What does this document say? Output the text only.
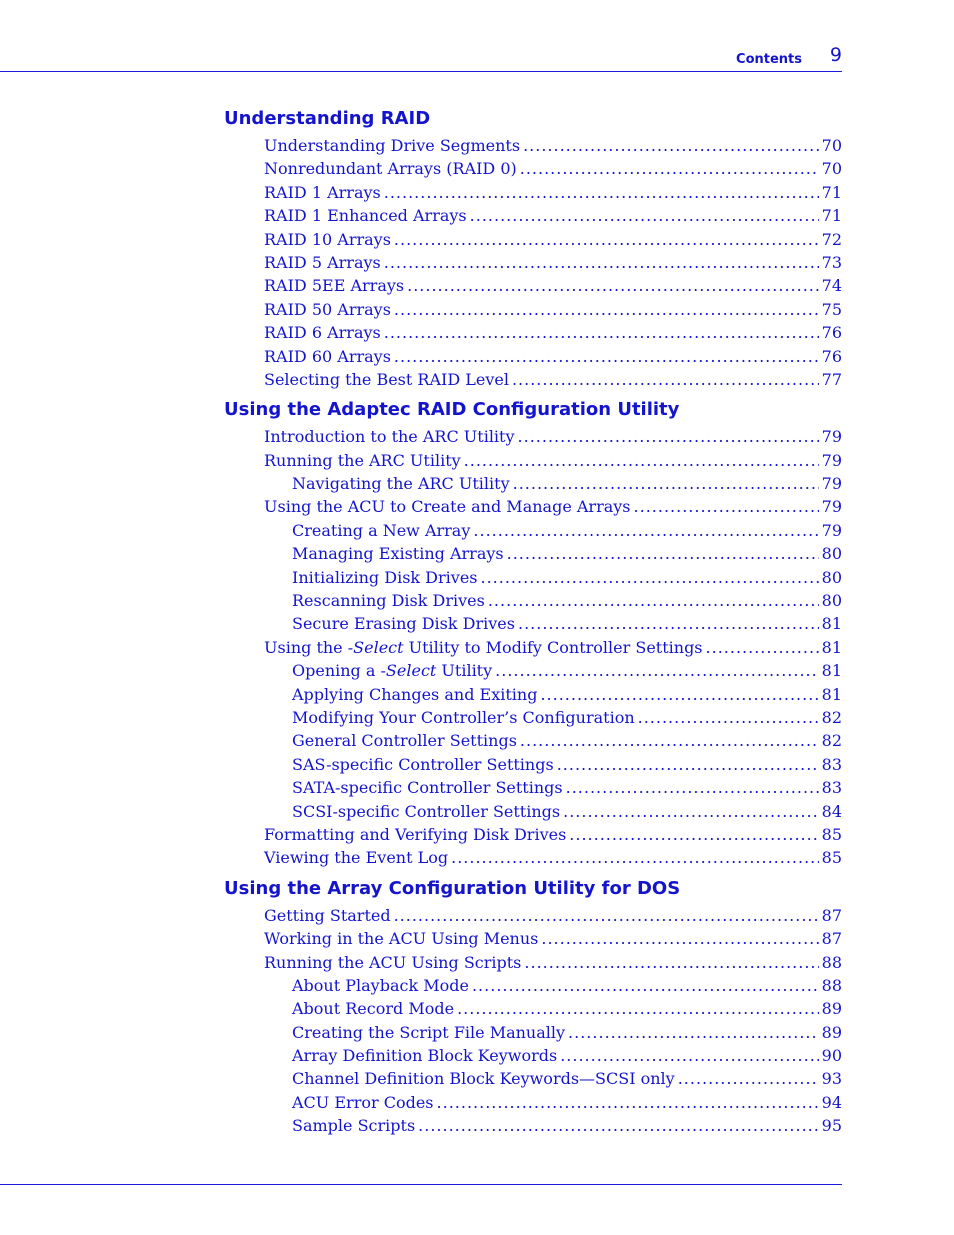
Contents 9
Understanding RAID
Understanding Drive Segments .....	70
Nonredundant Arrays (RAID 0) .....	70
RAID 1 Arrays .....	71
RAID 1 Enhanced Arrays .....	71
RAID 10 Arrays .....	72
RAID 5 Arrays .....	73
RAID 5EE Arrays .....	74
RAID 50 Arrays .....	75
RAID 6 Arrays .....	76
RAID 60 Arrays .....	76
Selecting the Best RAID Level .....	77
Using the Adaptec RAID Configuration Utility
Introduction to the ARC Utility .....	79
Running the ARC Utility .....	79
Navigating the ARC Utility .....	79
Using the ACU to Create and Manage Arrays .....	79
Creating a New Array .....	79
Managing Existing Arrays .....	80
Initializing Disk Drives .....	80
Rescanning Disk Drives .....	80
Secure Erasing Disk Drives .....	81
Using the -Select Utility to Modify Controller Settings .....	81
Opening a -Select Utility .....	81
Applying Changes and Exiting .....	81
Modifying Your Controller’s Configuration .....	82
General Controller Settings .....	82
SAS-specific Controller Settings .....	83
SATA-specific Controller Settings .....	83
SCSI-specific Controller Settings .....	84
Formatting and Verifying Disk Drives .....	85
Viewing the Event Log .....	85
Using the Array Configuration Utility for DOS
Getting Started .....	87
Working in the ACU Using Menus .....	87
Running the ACU Using Scripts .....	88
About Playback Mode .....	88
About Record Mode .....	89
Creating the Script File Manually .....	89
Array Definition Block Keywords .....	90
Channel Definition Block Keywords—SCSI only .....	93
ACU Error Codes .....	94
Sample Scripts .....	95
